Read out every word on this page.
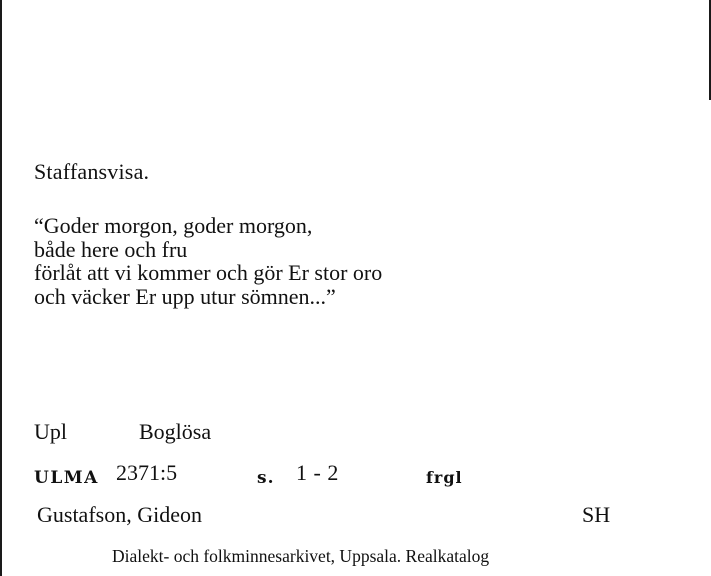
Staffansvisa.
“Goder morgon, goder morgon,
både here och fru
förlåt att vi kommer och gör Er stor oro
och väcker Er upp utur sömnen...”
Upl	Boglösa
ULMA 2371:5	s. 1 - 2	frgl
Gustafson, Gideon	SH
Dialekt- och folkminnesarkivet, Uppsala. Realkatalog
